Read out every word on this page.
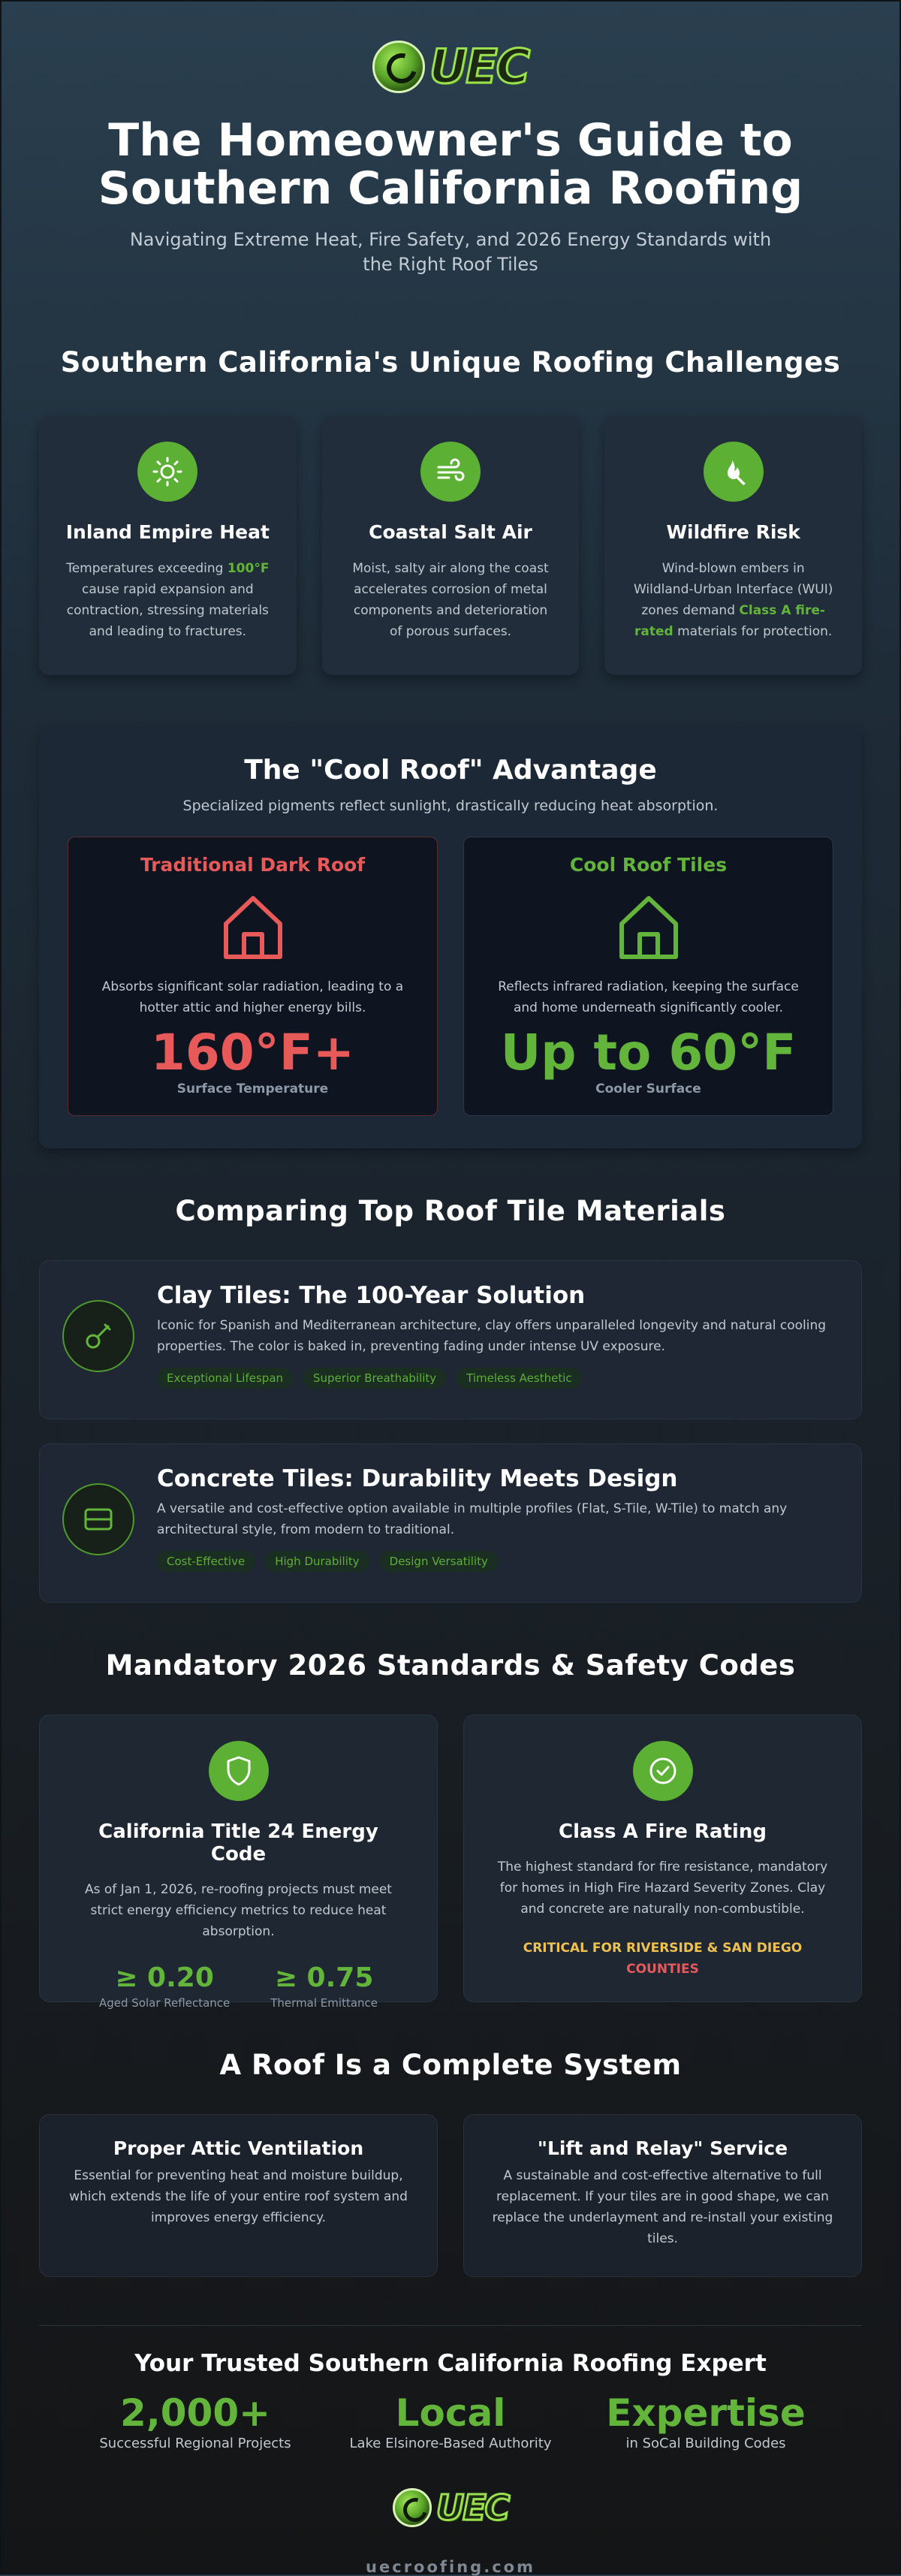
UEC
The Homeowner's Guide to
Southern California Roofing

Navigating Extreme Heat, Fire Safety, and 2026 Energy Standards with
the Right Roof Tiles

Southern California's Unique Roofing Challenges
Inland Empire Heat

Temperatures exceeding 100°F cause rapid expansion and contraction, stressing materials and leading to fractures.

Coastal Salt Air

Moist, salty air along the coast accelerates corrosion of metal components and deterioration of porous surfaces.

Wildfire Risk

Wind-blown embers in Wildland-Urban Interface (WUI) zones demand Class A fire-rated materials for protection.

The "Cool Roof" Advantage
Specialized pigments reflect sunlight, drastically reducing heat absorption.
Traditional Dark Roof

Absorbs significant solar radiation, leading to a hotter attic and higher energy bills.

160°F+
Surface Temperature
Cool Roof Tiles

Reflects infrared radiation, keeping the surface and home underneath significantly cooler.

Up to 60°F
Cooler Surface
Comparing Top Roof Tile Materials
Clay Tiles: The 100-Year Solution

Iconic for Spanish and Mediterranean architecture, clay offers unparalleled longevity and natural cooling properties. The color is baked in, preventing fading under intense UV exposure.

Exceptional Lifespan	Superior Breathability	Timeless Aesthetic
Concrete Tiles: Durability Meets Design

A versatile and cost-effective option available in multiple profiles (Flat, S-Tile, W-Tile) to match any architectural style, from modern to traditional.

Cost-Effective	High Durability	Design Versatility
Mandatory 2026 Standards & Safety Codes
California Title 24 Energy Code

As of Jan 1, 2026, re-roofing projects must meet strict energy efficiency metrics to reduce heat absorption.

≥ 0.20
Aged Solar Reflectance
≥ 0.75
Thermal Emittance
Class A Fire Rating

The highest standard for fire resistance, mandatory for homes in High Fire Hazard Severity Zones. Clay and concrete are naturally non-combustible.

CRITICAL FOR RIVERSIDE & SAN DIEGO
COUNTIES
A Roof Is a Complete System
Proper Attic Ventilation

Essential for preventing heat and moisture buildup, which extends the life of your entire roof system and improves energy efficiency.

"Lift and Relay" Service

A sustainable and cost-effective alternative to full replacement. If your tiles are in good shape, we can replace the underlayment and re-install your existing tiles.

Your Trusted Southern California Roofing Expert
2,000+
Successful Regional Projects
Local
Lake Elsinore-Based Authority
Expertise
in SoCal Building Codes
UEC
uecroofing.com
